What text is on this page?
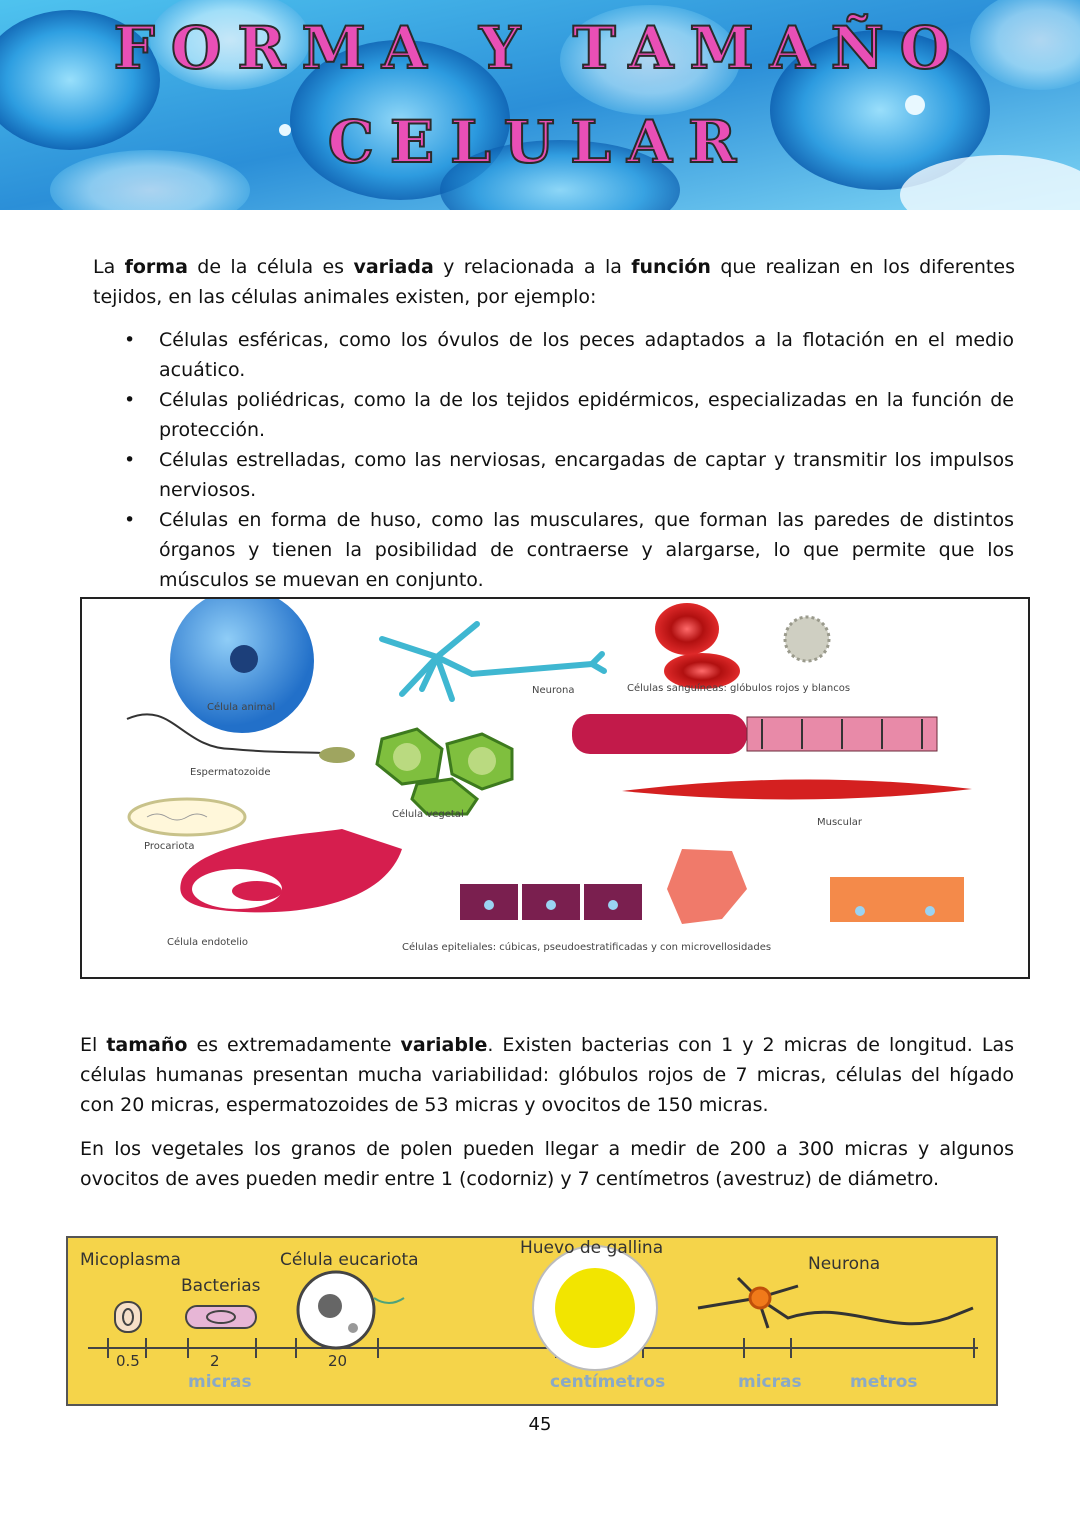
FORMA Y TAMAÑO
CELULAR
La forma de la célula es variada y relacionada a la función que realizan en los diferentes tejidos, en las células animales existen, por ejemplo:
• Células esféricas, como los óvulos de los peces adaptados a la flotación en el medio acuático.
• Células poliédricas, como la de los tejidos epidérmicos, especializadas en la función de protección.
• Células estrelladas, como las nerviosas, encargadas de captar y transmitir los impulsos nerviosos.
• Células en forma de huso, como las musculares, que forman las paredes de distintos órganos y tienen la posibilidad de contraerse y alargarse, lo que permite que los músculos se muevan en conjunto.
Célula animal
Neurona	Células sanguíneas: glóbulos rojos y blancos
Espermatozoide
Célula vegetal
Muscular
Procariota
Célula endotelio	Células epiteliales: cúbicas, pseudoestratificadas y con microvellosidades
El tamaño es extremadamente variable. Existen bacterias con 1 y 2 micras de longitud. Las células humanas presentan mucha variabilidad: glóbulos rojos de 7 micras, células del hígado con 20 micras, espermatozoides de 53 micras y ovocitos de 150 micras.
En los vegetales los granos de polen pueden llegar a medir de 200 a 300 micras y algunos ovocitos de aves pueden medir entre 1 (codorniz) y 7 centímetros (avestruz) de diámetro.
Micoplasma
Bacterias
Célula eucariota
Huevo de gallina
Neurona
0.5	2	20
micras	centímetros	micras	metros
45
